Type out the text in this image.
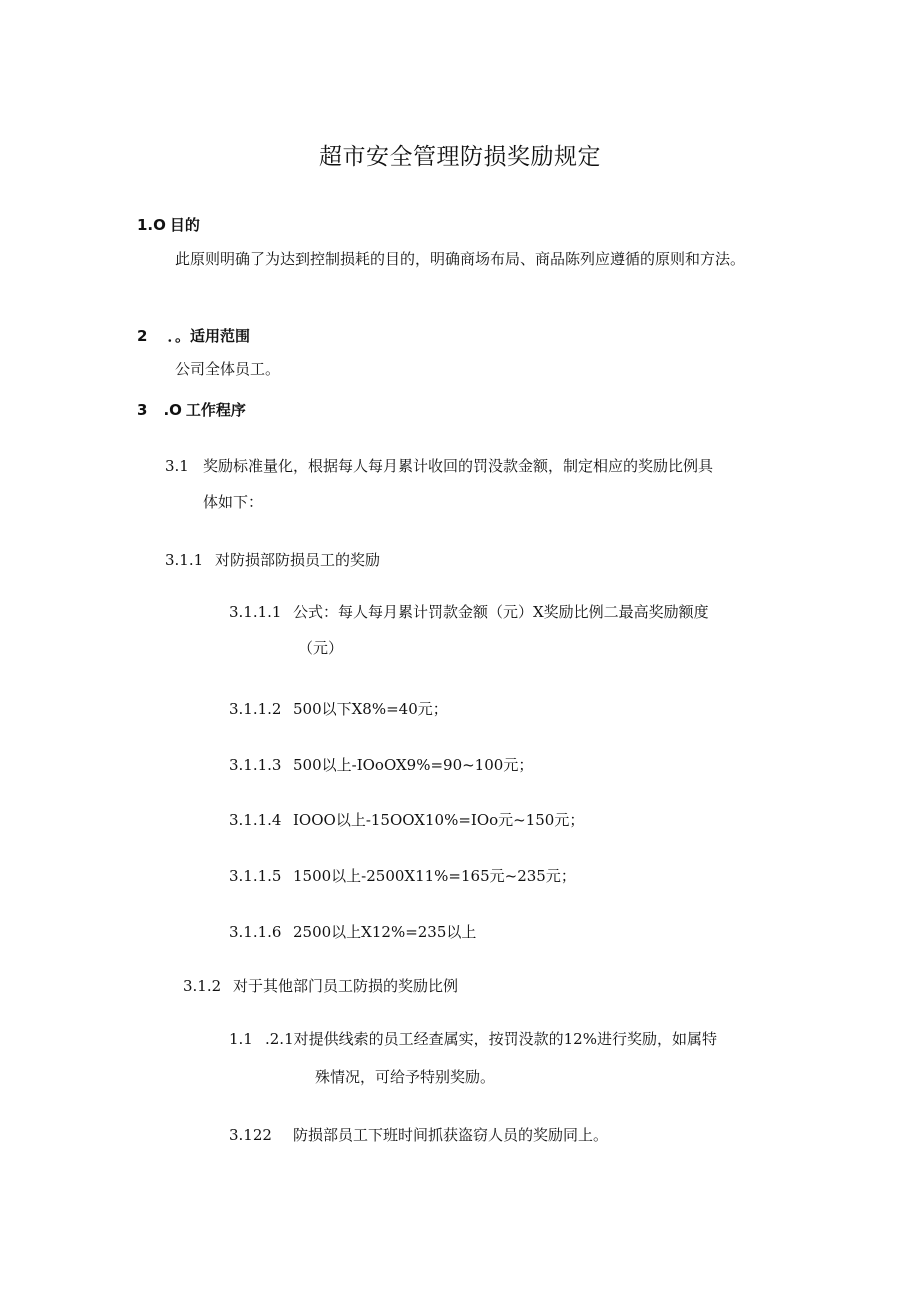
超市安全管理防损奖励规定
1.O 目的
此原则明确了为达到控制损耗的目的，明确商场布局、商品陈列应遵循的原则和方法。
2 ．。适用范围
公司全体员工。
3 .O 工作程序
3.1 奖励标准量化，根据每人每月累计收回的罚没款金额，制定相应的奖励比例具
体如下：
3.1.1 对防损部防损员工的奖励
3.1.1.1 公式：每人每月累计罚款金额（元）X奖励比例二最高奖励额度
（元）
3.1.1.2 500以下X8%=40元；
3.1.1.3 500以上-IOoOX9%=90~100元；
3.1.1.4 IOOO以上-15OOX10%=IOo元~150元；
3.1.1.5 1500以上-2500X11%=165元~235元；
3.1.1.6 2500以上X12%=235以上
3.1.2 对于其他部门员工防损的奖励比例
1.1 .2.1对提供线索的员工经查属实，按罚没款的12%进行奖励，如属特
殊情况，可给予特别奖励。
3.122 防损部员工下班时间抓获盗窃人员的奖励同上。
